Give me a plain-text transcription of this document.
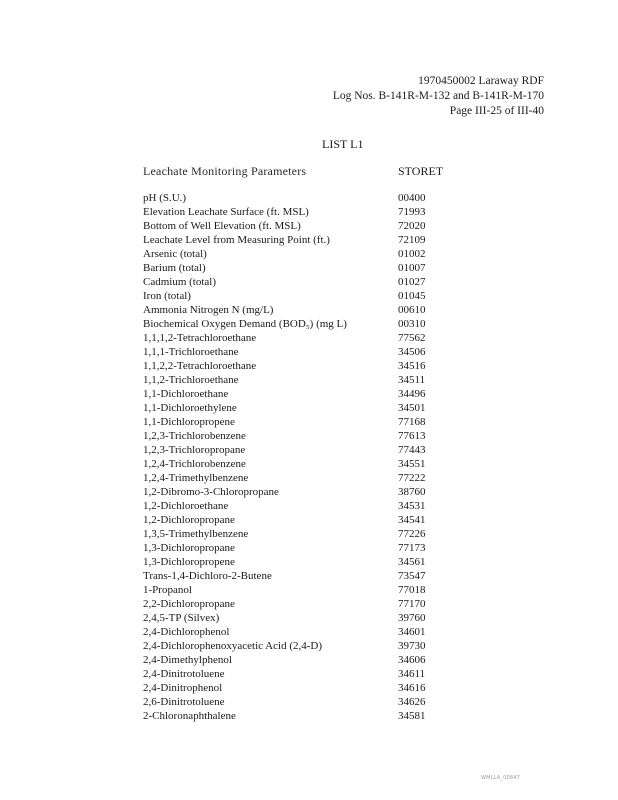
1970450002 Laraway RDF
Log Nos. B-141R-M-132 and B-141R-M-170
Page III-25 of III-40
LIST L1
Leachate Monitoring Parameters	STORET
pH (S.U.)	00400
Elevation Leachate Surface (ft. MSL)	71993
Bottom of Well Elevation (ft. MSL)	72020
Leachate Level from Measuring Point (ft.)	72109
Arsenic (total)	01002
Barium (total)	01007
Cadmium (total)	01027
Iron (total)	01045
Ammonia Nitrogen N (mg/L)	00610
Biochemical Oxygen Demand (BOD₅) (mg L)	00310
1,1,1,2-Tetrachloroethane	77562
1,1,1-Trichloroethane	34506
1,1,2,2-Tetrachloroethane	34516
1,1,2-Trichloroethane	34511
1,1-Dichloroethane	34496
1,1-Dichloroethylene	34501
1,1-Dichloropropene	77168
1,2,3-Trichlorobenzene	77613
1,2,3-Trichloropropane	77443
1,2,4-Trichlorobenzene	34551
1,2,4-Trimethylbenzene	77222
1,2-Dibromo-3-Chloropropane	38760
1,2-Dichloroethane	34531
1,2-Dichloropropane	34541
1,3,5-Trimethylbenzene	77226
1,3-Dichloropropane	77173
1,3-Dichloropropene	34561
Trans-1,4-Dichloro-2-Butene	73547
1-Propanol	77018
2,2-Dichloropropane	77170
2,4,5-TP (Silvex)	39760
2,4-Dichlorophenol	34601
2,4-Dichlorophenoxyacetic Acid (2,4-D)	39730
2,4-Dimethylphenol	34606
2,4-Dinitrotoluene	34611
2,4-Dinitrophenol	34616
2,6-Dinitrotoluene	34626
2-Chloronaphthalene	34581
WMLLA_00847
